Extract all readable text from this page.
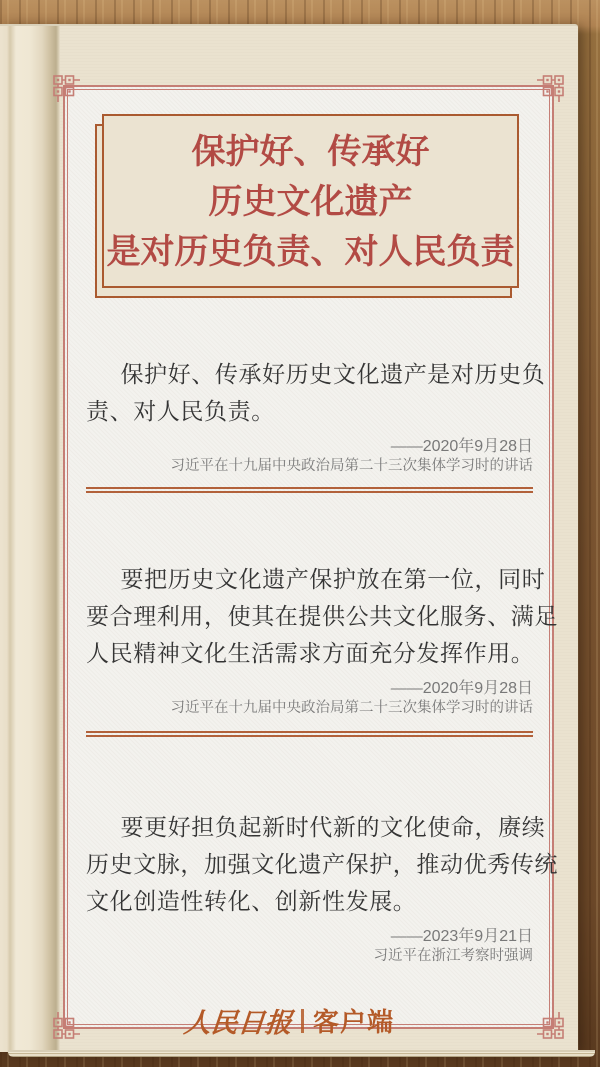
保护好、传承好
历史文化遗产
是对历史负责、对人民负责
保护好、传承好历史文化遗产是对历史负
责、对人民负责。
——2020年9月28日
习近平在十九届中央政治局第二十三次集体学习时的讲话
要把历史文化遗产保护放在第一位，同时
要合理利用，使其在提供公共文化服务、满足
人民精神文化生活需求方面充分发挥作用。
——2020年9月28日
习近平在十九届中央政治局第二十三次集体学习时的讲话
要更好担负起新时代新的文化使命，赓续
历史文脉，加强文化遗产保护，推动优秀传统
文化创造性转化、创新性发展。
——2023年9月21日
习近平在浙江考察时强调
人民日报 客户端
